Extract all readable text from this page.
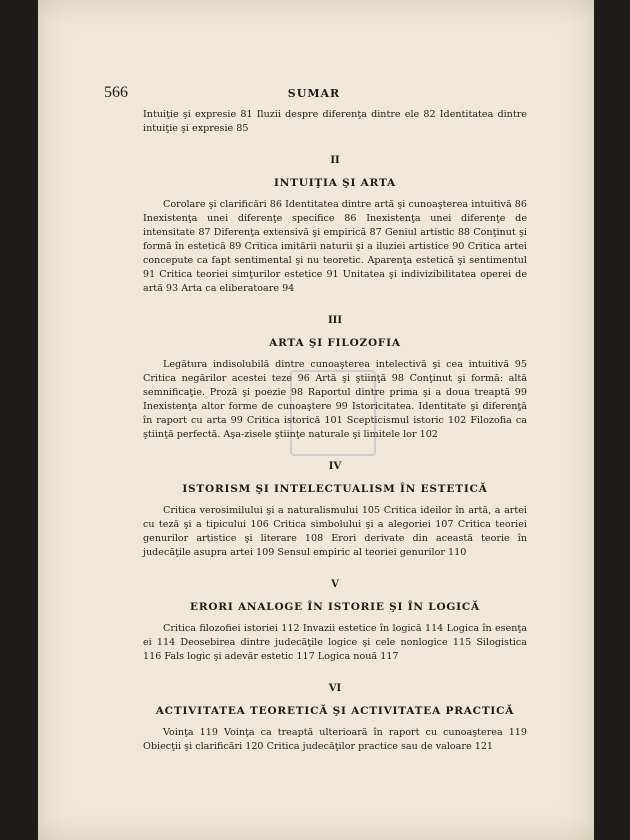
566	SUMAR

Intuiţie şi expresie 81 Iluzii despre diferenţa dintre ele 82 Identitatea dintre intuiţie şi expresie 85

II
INTUIŢIA ŞI ARTA

Corolare şi clarificări 86 Identitatea dintre artă şi cunoaşterea intuitivă 86 Inexistenţa unei diferenţe specifice 86 Inexistenţa unei diferenţe de intensitate 87 Diferenţa extensivă şi empirică 87 Geniul artistic 88 Conţinut şi formă în estetică 89 Critica imitării naturii şi a iluziei artistice 90 Critica artei concepute ca fapt sentimental şi nu teoretic. Aparenţa estetică şi sentimentul 91 Critica teoriei simţurilor estetice 91 Unitatea şi indivizibilitatea operei de artă 93 Arta ca eliberatoare 94

III
ARTA ŞI FILOZOFIA

Legătura indisolubilă dintre cunoaşterea intelectivă şi cea intuitivă 95 Critica negărilor acestei teze 96 Artă şi ştiinţă 98 Conţinut şi formă: altă semnificaţie. Proză şi poezie 98 Raportul dintre prima şi a doua treaptă 99 Inexistenţa altor forme de cunoaştere 99 Istoricitatea. Identitate şi diferenţă în raport cu arta 99 Critica istorică 101 Scepticismul istoric 102 Filozofia ca ştiinţă perfectă. Aşa-zisele ştiinţe naturale şi limitele lor 102

IV
ISTORISM ŞI INTELECTUALISM ÎN ESTETICĂ

Critica verosimilului şi a naturalismului 105 Critica ideilor în artă, a artei cu teză şi a tipicului 106 Critica simbolului şi a alegoriei 107 Critica teoriei genurilor artistice şi literare 108 Erori derivate din această teorie în judecăţile asupra artei 109 Sensul empiric al teoriei genurilor 110

V
ERORI ANALOGE ÎN ISTORIE ŞI ÎN LOGICĂ

Critica filozofiei istoriei 112 Invazii estetice în logică 114 Logica în esenţa ei 114 Deosebirea dintre judecăţile logice şi cele nonlogice 115 Silogistica 116 Fals logic şi adevăr estetic 117 Logica nouă 117

VI
ACTIVITATEA TEORETICĂ ŞI ACTIVITATEA PRACTICĂ

Voinţa 119 Voinţa ca treaptă ulterioară în raport cu cunoaşterea 119 Obiecţii şi clarificări 120 Critica judecăţilor practice sau de valoare 121
